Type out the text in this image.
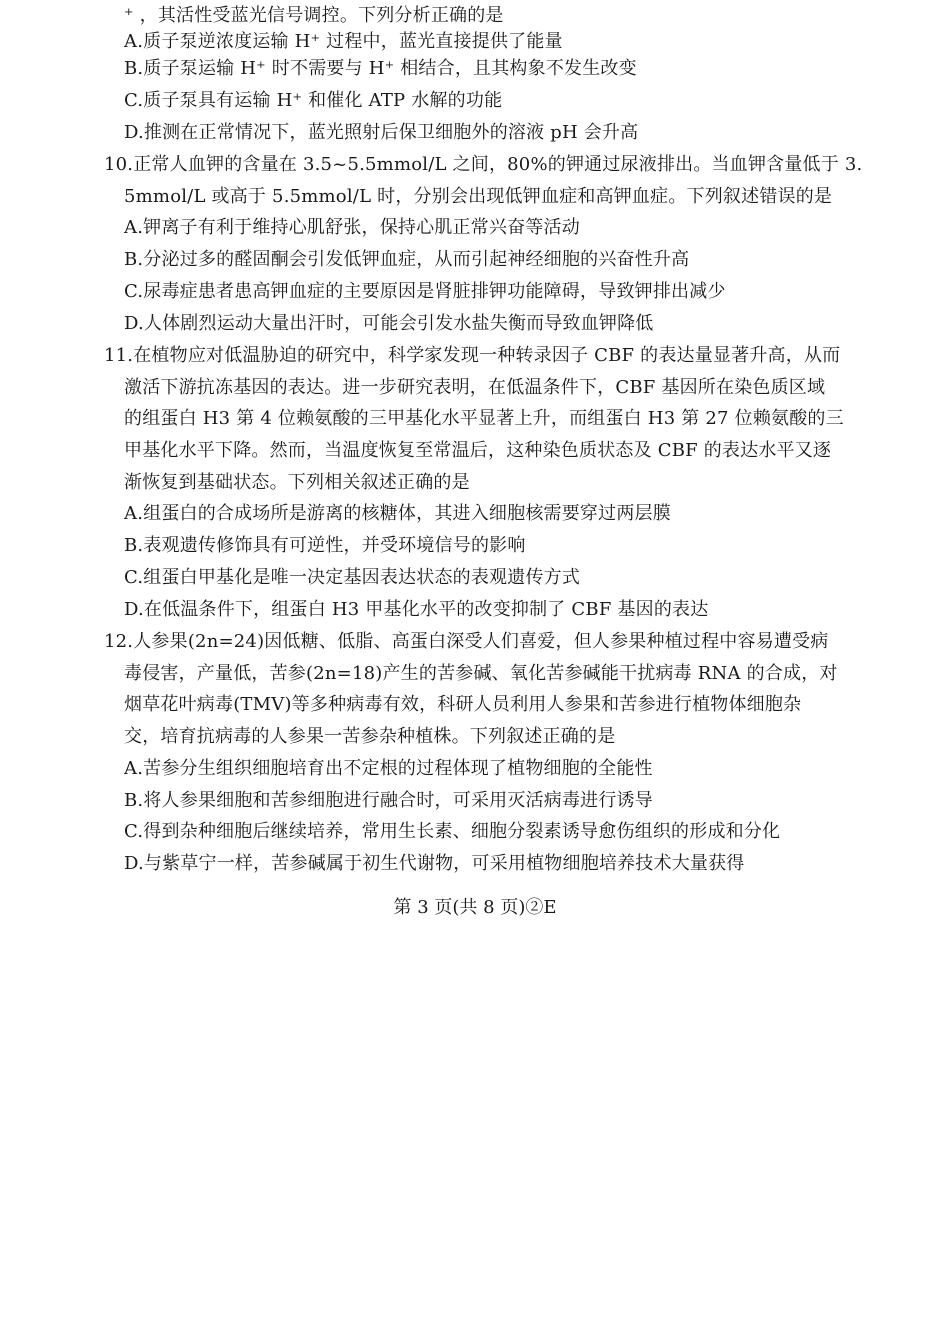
⁺ ，其活性受蓝光信号调控。下列分析正确的是
A.质子泵逆浓度运输 H⁺ 过程中，蓝光直接提供了能量
B.质子泵运输 H⁺ 时不需要与 H⁺ 相结合，且其构象不发生改变
C.质子泵具有运输 H⁺ 和催化 ATP 水解的功能
D.推测在正常情况下，蓝光照射后保卫细胞外的溶液 pH 会升高
10.正常人血钾的含量在 3.5~5.5mmol/L 之间，80%的钾通过尿液排出。当血钾含量低于 3.
5mmol/L 或高于 5.5mmol/L 时，分别会出现低钾血症和高钾血症。下列叙述错误的是
A.钾离子有利于维持心肌舒张，保持心肌正常兴奋等活动
B.分泌过多的醛固酮会引发低钾血症，从而引起神经细胞的兴奋性升高
C.尿毒症患者患高钾血症的主要原因是肾脏排钾功能障碍，导致钾排出减少
D.人体剧烈运动大量出汗时，可能会引发水盐失衡而导致血钾降低
11.在植物应对低温胁迫的研究中，科学家发现一种转录因子 CBF 的表达量显著升高，从而
激活下游抗冻基因的表达。进一步研究表明，在低温条件下，CBF 基因所在染色质区域
的组蛋白 H3 第 4 位赖氨酸的三甲基化水平显著上升，而组蛋白 H3 第 27 位赖氨酸的三
甲基化水平下降。然而，当温度恢复至常温后，这种染色质状态及 CBF 的表达水平又逐
渐恢复到基础状态。下列相关叙述正确的是
A.组蛋白的合成场所是游离的核糖体，其进入细胞核需要穿过两层膜
B.表观遗传修饰具有可逆性，并受环境信号的影响
C.组蛋白甲基化是唯一决定基因表达状态的表观遗传方式
D.在低温条件下，组蛋白 H3 甲基化水平的改变抑制了 CBF 基因的表达
12.人参果(2n=24)因低糖、低脂、高蛋白深受人们喜爱，但人参果种植过程中容易遭受病
毒侵害，产量低，苦参(2n=18)产生的苦参碱、氧化苦参碱能干扰病毒 RNA 的合成，对
烟草花叶病毒(TMV)等多种病毒有效，科研人员利用人参果和苦参进行植物体细胞杂
交，培育抗病毒的人参果一苦参杂种植株。下列叙述正确的是
A.苦参分生组织细胞培育出不定根的过程体现了植物细胞的全能性
B.将人参果细胞和苦参细胞进行融合时，可采用灭活病毒进行诱导
C.得到杂种细胞后继续培养，常用生长素、细胞分裂素诱导愈伤组织的形成和分化
D.与紫草宁一样，苦参碱属于初生代谢物，可采用植物细胞培养技术大量获得
第 3 页(共 8 页)②E
